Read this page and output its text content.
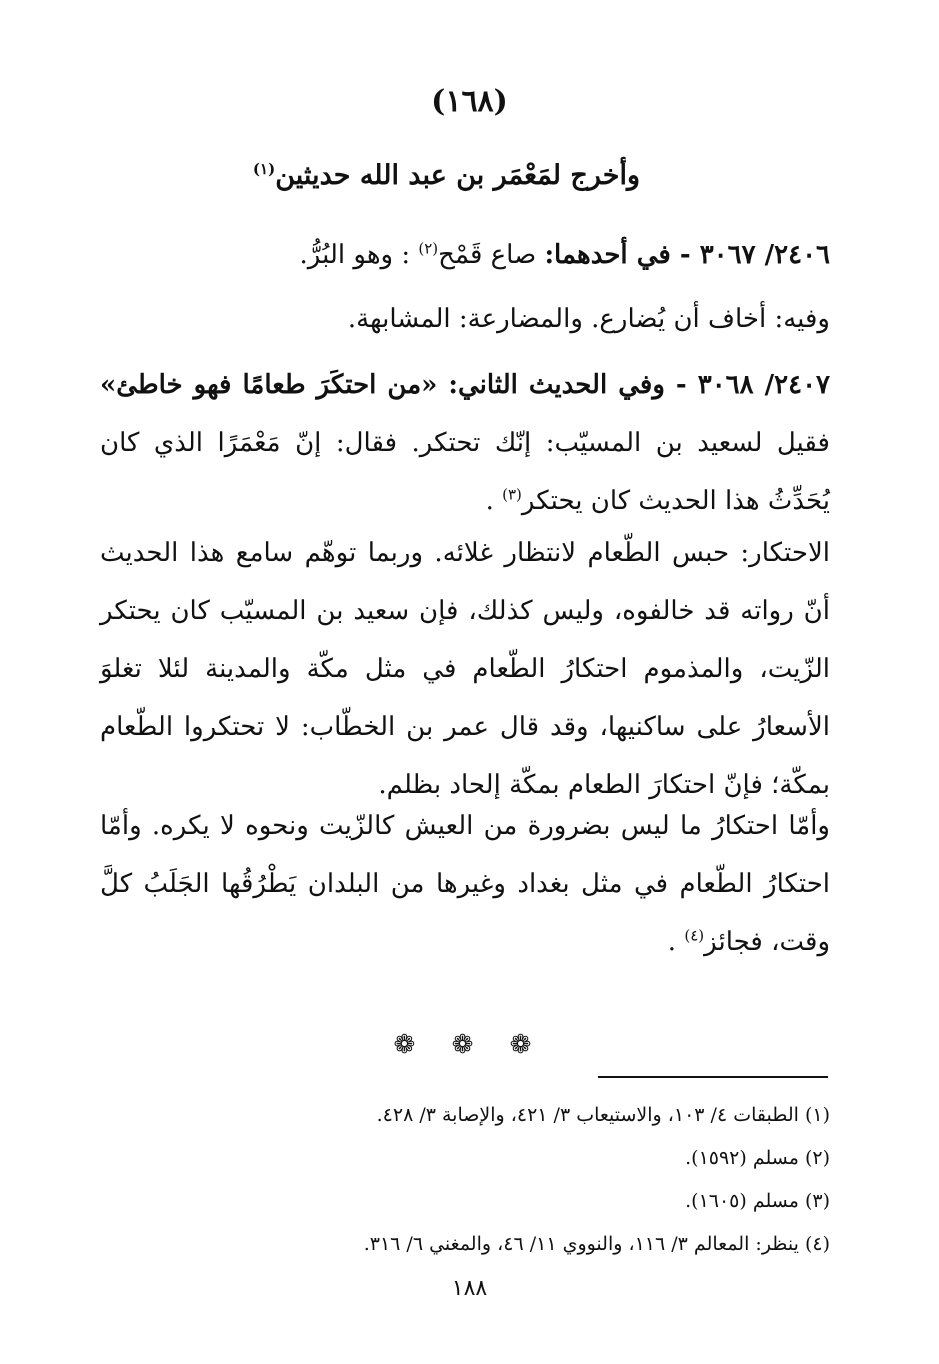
(١٦٨)
وأخرج لمَعْمَر بن عبد الله حديثين$^{(١)}$
٢٤٠٦/ ٣٠٦٧ - في أحدهما: صاع قَمْح$^{(٢)}$ : وهو البُرُّ.
وفيه: أخاف أن يُضارع. والمضارعة: المشابهة.
٢٤٠٧/ ٣٠٦٨ - وفي الحديث الثاني: «من احتكَرَ طعامًا فهو خاطئ» فقيل لسعيد بن المسيّب: إنّك تحتكر. فقال: إنّ مَعْمَرًا الذي كان يُحَدِّثُ هذا الحديث كان يحتكر$^{(٣)}$ .
الاحتكار: حبس الطّعام لانتظار غلائه. وربما توهّم سامع هذا الحديث أنّ رواته قد خالفوه، وليس كذلك، فإن سعيد بن المسيّب كان يحتكر الزّيت، والمذموم احتكارُ الطّعام في مثل مكّة والمدينة لئلا تغلوَ الأسعارُ على ساكنيها، وقد قال عمر بن الخطّاب: لا تحتكروا الطّعام بمكّة؛ فإنّ احتكارَ الطعام بمكّة إلحاد بظلم.
وأمّا احتكارُ ما ليس بضرورة من العيش كالزّيت ونحوه لا يكره. وأمّا احتكارُ الطّعام في مثل بغداد وغيرها من البلدان يَطْرُقُها الجَلَبُ كلَّ وقت، فجائز$^{(٤)}$ .
❁ ❁ ❁
(١) الطبقات ٤/ ١٠٣، والاستيعاب ٣/ ٤٢١، والإصابة ٣/ ٤٢٨.
(٢) مسلم (١٥٩٢).
(٣) مسلم (١٦٠٥).
(٤) ينظر: المعالم ٣/ ١١٦، والنووي ١١/ ٤٦، والمغني ٦/ ٣١٦.
١٨٨
